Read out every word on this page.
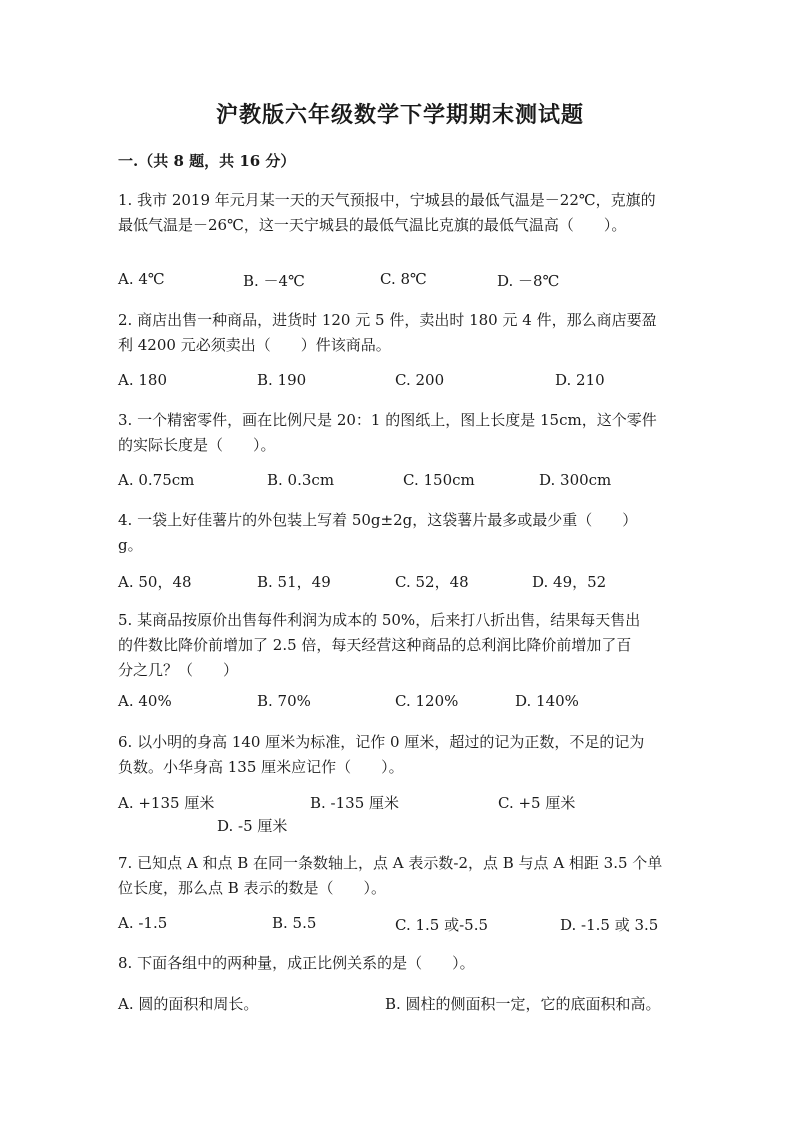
沪教版六年级数学下学期期末测试题
一.（共 8 题，共 16 分）
1. 我市 2019 年元月某一天的天气预报中，宁城县的最低气温是－22℃，克旗的
最低气温是－26℃，这一天宁城县的最低气温比克旗的最低气温高（　　）。
A. 4℃	B. －4℃	C. 8℃	D. －8℃
2. 商店出售一种商品，进货时 120 元 5 件，卖出时 180 元 4 件，那么商店要盈
利 4200 元必须卖出（　　）件该商品。
A. 180	B. 190	C. 200	D. 210
3. 一个精密零件，画在比例尺是 20：1 的图纸上，图上长度是 15cm，这个零件
的实际长度是（　　）。
A. 0.75cm	B. 0.3cm	C. 150cm	D. 300cm
4. 一袋上好佳薯片的外包装上写着 50g±2g，这袋薯片最多或最少重（　　）
g。
A. 50，48	B. 51，49	C. 52，48	D. 49，52
5. 某商品按原价出售每件利润为成本的 50%，后来打八折出售，结果每天售出
的件数比降价前增加了 2.5 倍，每天经营这种商品的总利润比降价前增加了百
分之几？（　　）
A. 40%	B. 70%	C. 120%	D. 140%
6. 以小明的身高 140 厘米为标准，记作 0 厘米，超过的记为正数，不足的记为
负数。小华身高 135 厘米应记作（　　）。
A. +135 厘米	B. -135 厘米	C. +5 厘米
D. -5 厘米
7. 已知点 A 和点 B 在同一条数轴上，点 A 表示数-2，点 B 与点 A 相距 3.5 个单
位长度，那么点 B 表示的数是（　　）。
A. -1.5	B. 5.5	C. 1.5 或-5.5	D. -1.5 或 3.5
8. 下面各组中的两种量，成正比例关系的是（　　）。
A. 圆的面积和周长。	B. 圆柱的侧面积一定，它的底面积和高。
